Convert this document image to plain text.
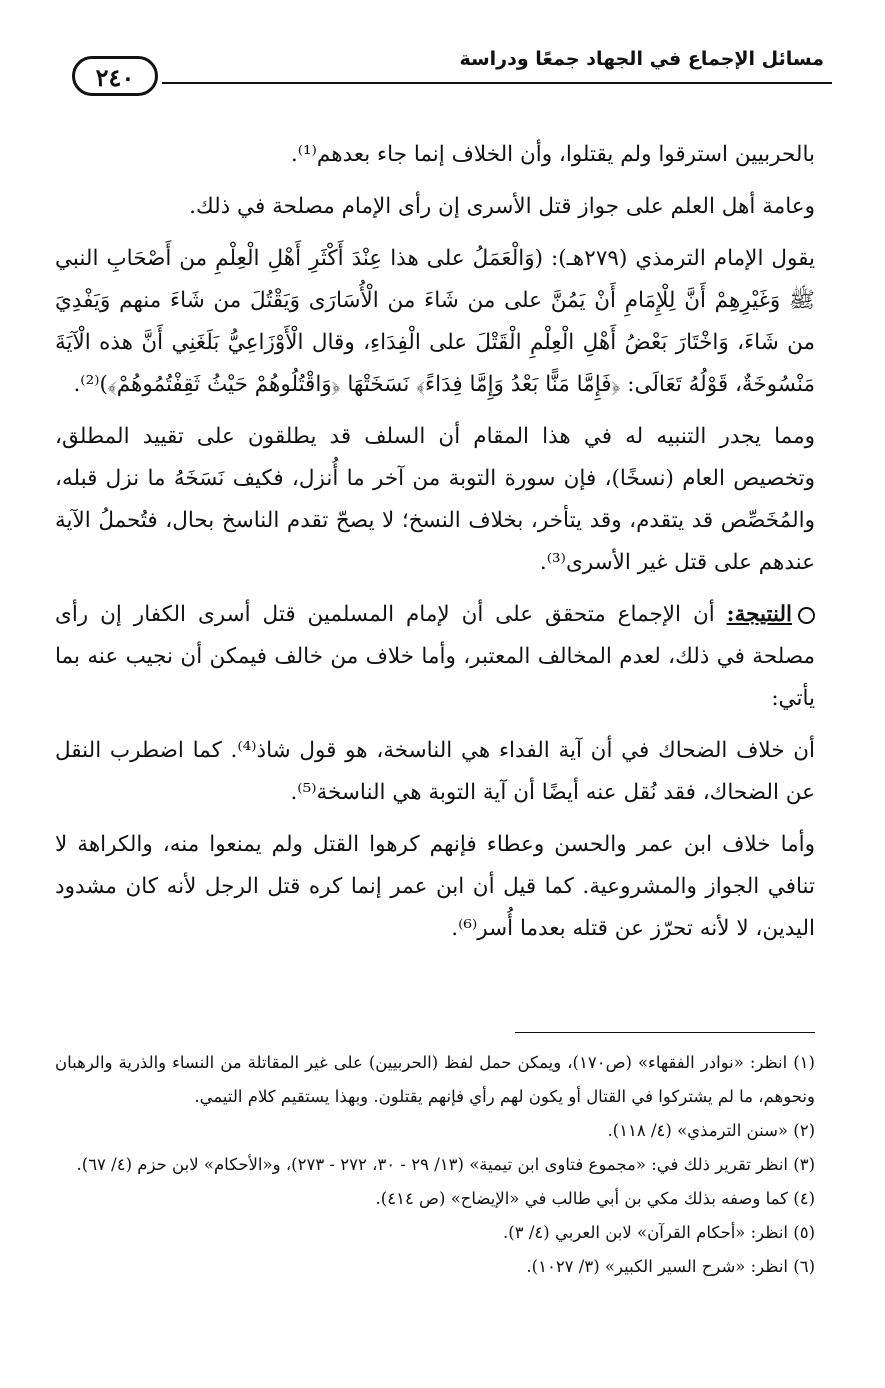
مسائل الإجماع في الجهاد جمعًا ودراسة
٢٤٠

بالحربيين استرقوا ولم يقتلوا، وأن الخلاف إنما جاء بعدهم⁽¹⁾.

وعامة أهل العلم على جواز قتل الأسرى إن رأى الإمام مصلحة في ذلك.

يقول الإمام الترمذي (٢٧٩هـ): (وَالْعَمَلُ على هذا عِنْدَ أَكْثَرِ أَهْلِ الْعِلْمِ من أَصْحَابِ النبي ﷺ وَغَيْرِهِمْ أَنَّ لِلْإِمَامِ أَنْ يَمُنَّ على من شَاءَ من الْأُسَارَى وَيَقْتُلَ من شَاءَ منهم وَيَفْدِيَ من شَاءَ، وَاخْتَارَ بَعْضُ أَهْلِ الْعِلْمِ الْقَتْلَ على الْفِدَاءِ، وقال الْأَوْزَاعِيُّ بَلَغَنِي أَنَّ هذه الْآيَةَ مَنْسُوخَةٌ، قَوْلُهُ تَعَالَى: ﴿فَإِمَّا مَنًّا بَعْدُ وَإِمَّا فِدَاءً﴾ نَسَخَتْهَا ﴿وَاقْتُلُوهُمْ حَيْثُ ثَقِفْتُمُوهُمْ﴾)⁽²⁾.

ومما يجدر التنبيه له في هذا المقام أن السلف قد يطلقون على تقييد المطلق، وتخصيص العام (نسخًا)، فإن سورة التوبة من آخر ما أُنزل، فكيف نَسَخَهُ ما نزل قبله، والمُخَصِّص قد يتقدم، وقد يتأخر، بخلاف النسخ؛ لا يصحّ تقدم الناسخ بحال، فتُحملُ الآية عندهم على قتل غير الأسرى⁽³⁾.

النتيجة: أن الإجماع متحقق على أن لإمام المسلمين قتل أسرى الكفار إن رأى مصلحة في ذلك، لعدم المخالف المعتبر، وأما خلاف من خالف فيمكن أن نجيب عنه بما يأتي:

أن خلاف الضحاك في أن آية الفداء هي الناسخة، هو قول شاذ⁽⁴⁾. كما اضطرب النقل عن الضحاك، فقد نُقل عنه أيضًا أن آية التوبة هي الناسخة⁽⁵⁾.

وأما خلاف ابن عمر والحسن وعطاء فإنهم كرهوا القتل ولم يمنعوا منه، والكراهة لا تنافي الجواز والمشروعية. كما قيل أن ابن عمر إنما كره قتل الرجل لأنه كان مشدود اليدين، لا لأنه تحرّز عن قتله بعدما أُسر⁽⁶⁾.

(١) انظر: «نوادر الفقهاء» (ص١٧٠)، ويمكن حمل لفظ (الحربيين) على غير المقاتلة من النساء والذرية والرهبان ونحوهم، ما لم يشتركوا في القتال أو يكون لهم رأي فإنهم يقتلون. وبهذا يستقيم كلام التيمي.

(٢) «سنن الترمذي» (٤/ ١١٨).

(٣) انظر تقرير ذلك في: «مجموع فتاوى ابن تيمية» (١٣/ ٢٩ - ٣٠، ٢٧٢ - ٢٧٣)، و«الأحكام» لابن حزم (٤/ ٦٧).

(٤) كما وصفه بذلك مكي بن أبي طالب في «الإيضاح» (ص ٤١٤).

(٥) انظر: «أحكام القرآن» لابن العربي (٤/ ٣).

(٦) انظر: «شرح السير الكبير» (٣/ ١٠٢٧).
